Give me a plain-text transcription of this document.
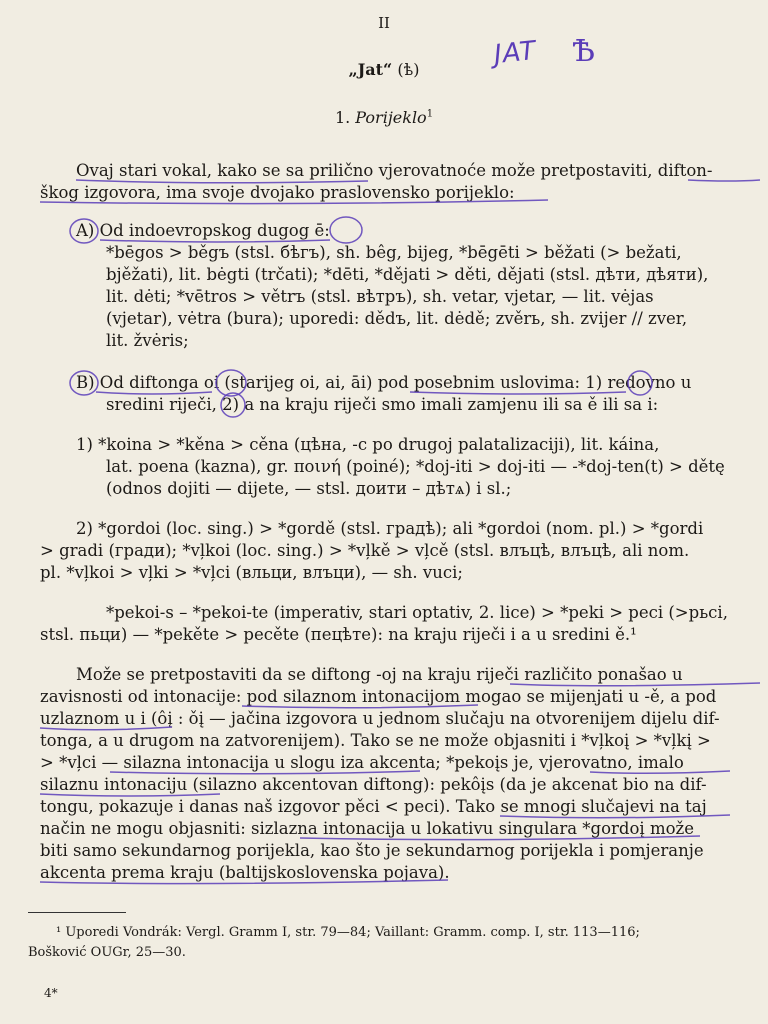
II
„Jat“ (ѣ)	JAT Ѣ
1. Porijeklo$^1$
Ovaj stari vokal, kako se sa prilično vjerovatnoće može pretpostaviti, difton-
škog izgovora, ima svoje dvojako praslovensko porijeklo:
A) Od indoevropskog dugog ē:
*bēgos > běgъ (stsl. бѣгъ), sh. bêg, bijeg, *bēgēti > běžati (> bežati,
bjěžati), lit. bėgti (trčati); *dēti, *dějati > děti, dějati (stsl. дѣти, дѣяти),
lit. dėti; *vētros > větrъ (stsl. вѣтръ), sh. vetar, vjetar, — lit. vėjas
(vjetar), vėtra (bura); uporedi: dědъ, lit. dėdě; zvěrь, sh. zvijer // zver,
lit. žvėris;
B) Od diftonga oi (starijeg oi, ai, āi) pod posebnim uslovima: 1) redovno u
sredini riječi, 2) a na kraju riječi smo imali zamjenu ili sa ě ili sa i:
1) *koina > *kěna > cěna (цѣна, -c po drugoj palatalizaciji), lit. káina,
lat. poena (kazna), gr. ποινή (poiné); *doj-iti > doj-iti — -*doj-ten(t) > dětę
(odnos dojiti — dijete, — stsl. доити – дѣтѧ) i sl.;
2) *gordoi (loc. sing.) > *gordě (stsl. градѣ); ali *gordoi (nom. pl.) > *gordi
> gradi (гради); *vļkoi (loc. sing.) > *vļkě > vļcě (stsl. влъцѣ, влъцѣ, ali nom.
pl. *vļkoi > vļki > *vļci (вльци, влъци), — sh. vuci;
*pekoi-s – *pekoi-te (imperativ, stari optativ, 2. lice) > *peki > peci (>рьсі,
stsl. пьци) — *pekěte > pecěte (пецѣте): na kraju riječi i a u sredini ě.¹
Može se pretpostaviti da se diftong -oj na kraju riječi različito ponašao u
zavisnosti od intonacije: pod silaznom intonacijom mogao se mijenjati u -ě, a pod
uzlaznom u i (ôį : ǒį — jačina izgovora u jednom slučaju na otvorenijem dijelu dif-
tonga, a u drugom na zatvorenijem). Tako se ne može objasniti i *vļkoį > *vļkį >
> *vļci — silazna intonacija u slogu iza akcenta; *pekoįs je, vjerovatno, imalo
silaznu intonaciju (silazno akcentovan diftong): pekôįs (da je akcenat bio na dif-
tongu, pokazuje i danas naš izgovor pěci < peci). Tako se mnogi slučajevi na taj
način ne mogu objasniti: sizlazna intonacija u lokativu singulara *gordoį može
biti samo sekundarnog porijekla, kao što je sekundarnog porijekla i pomjeranje
akcenta prema kraju (baltijskoslovenska pojava).
¹ Uporedi Vondrák: Vergl. Gramm I, str. 79—84; Vaillant: Gramm. comp. I, str. 113—116;
Bošković OUGr, 25—30.
4*
